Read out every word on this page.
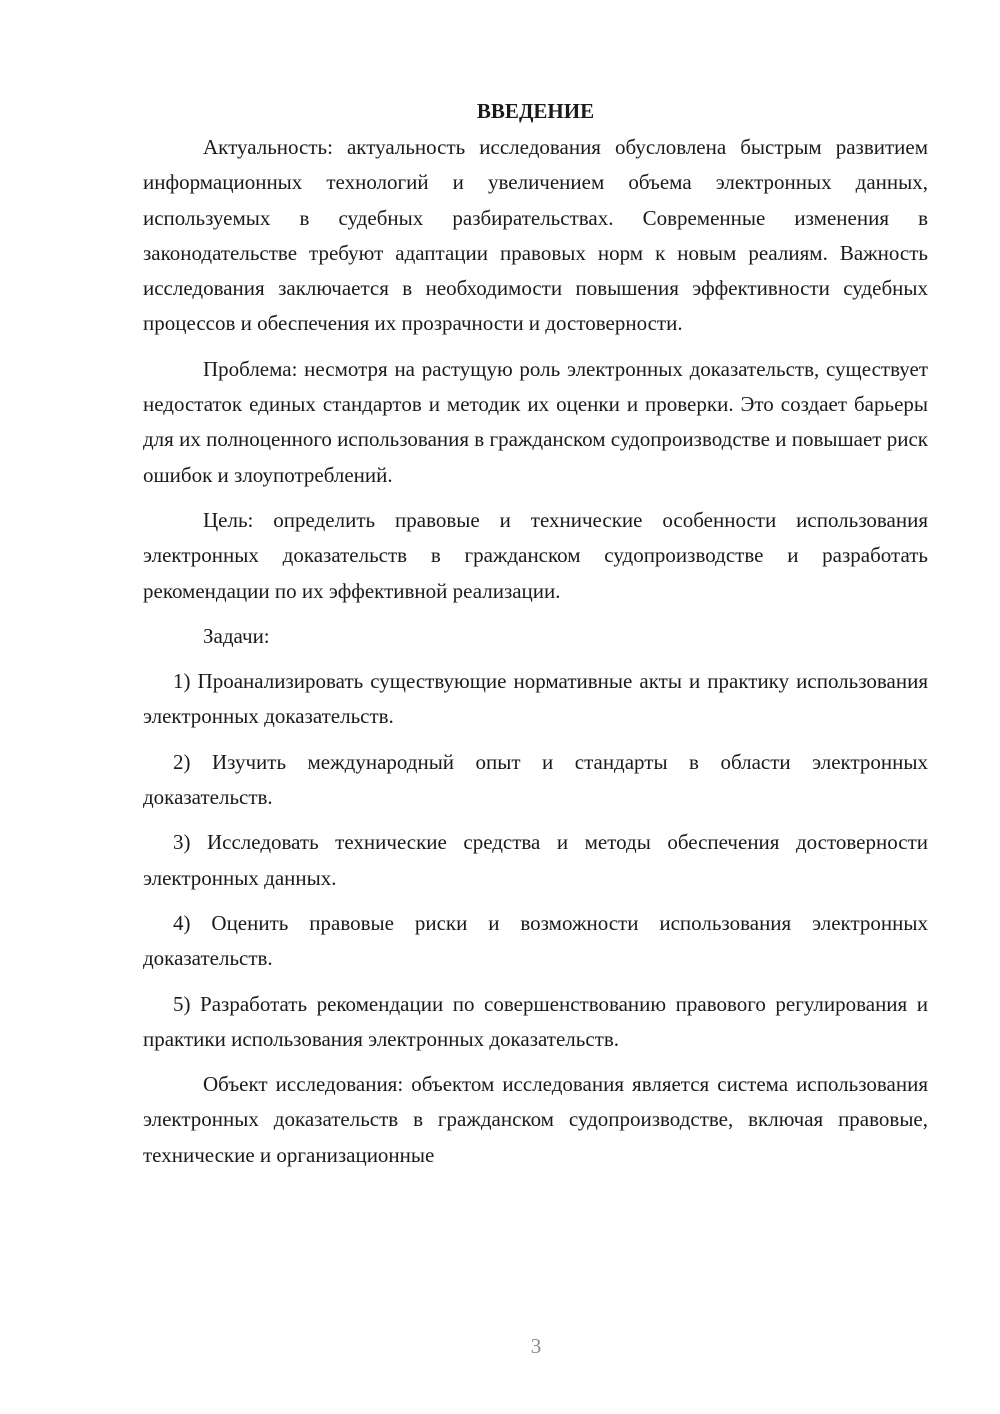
ВВЕДЕНИЕ

Актуальность: актуальность исследования обусловлена быстрым развитием информационных технологий и увеличением объема электронных данных, используемых в судебных разбирательствах. Современные изменения в законодательстве требуют адаптации правовых норм к новым реалиям. Важность исследования заключается в необходимости повышения эффективности судебных процессов и обеспечения их прозрачности и достоверности.

Проблема: несмотря на растущую роль электронных доказательств, существует недостаток единых стандартов и методик их оценки и проверки. Это создает барьеры для их полноценного использования в гражданском судопроизводстве и повышает риск ошибок и злоупотреблений.

Цель: определить правовые и технические особенности использования электронных доказательств в гражданском судопроизводстве и разработать рекомендации по их эффективной реализации.

Задачи:

1) Проанализировать существующие нормативные акты и практику использования электронных доказательств.

2) Изучить международный опыт и стандарты в области электронных доказательств.

3) Исследовать технические средства и методы обеспечения достоверности электронных данных.

4) Оценить правовые риски и возможности использования электронных доказательств.

5) Разработать рекомендации по совершенствованию правового регулирования и практики использования электронных доказательств.

Объект исследования: объектом исследования является система использования электронных доказательств в гражданском судопроизводстве, включая правовые, технические и организационные

3
